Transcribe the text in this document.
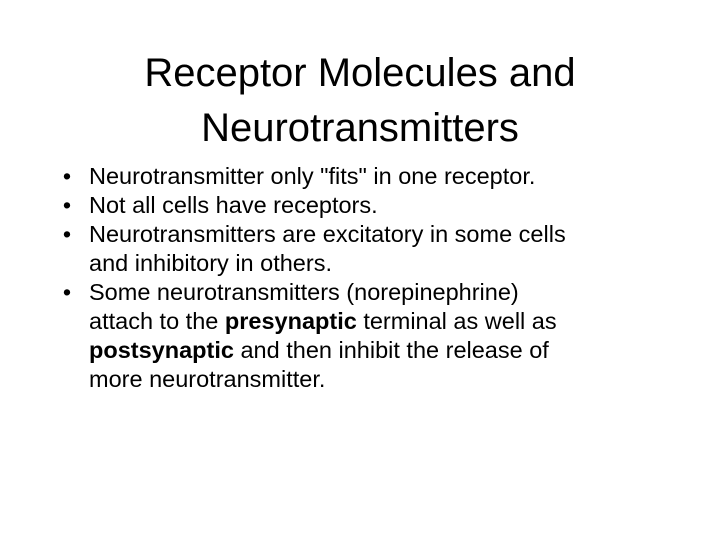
Receptor Molecules and
Neurotransmitters
• Neurotransmitter only "fits" in one receptor.
• Not all cells have receptors.
• Neurotransmitters are excitatory in some cells
and inhibitory in others.
• Some neurotransmitters (norepinephrine)
attach to the presynaptic terminal as well as
postsynaptic and then inhibit the release of
more neurotransmitter.
